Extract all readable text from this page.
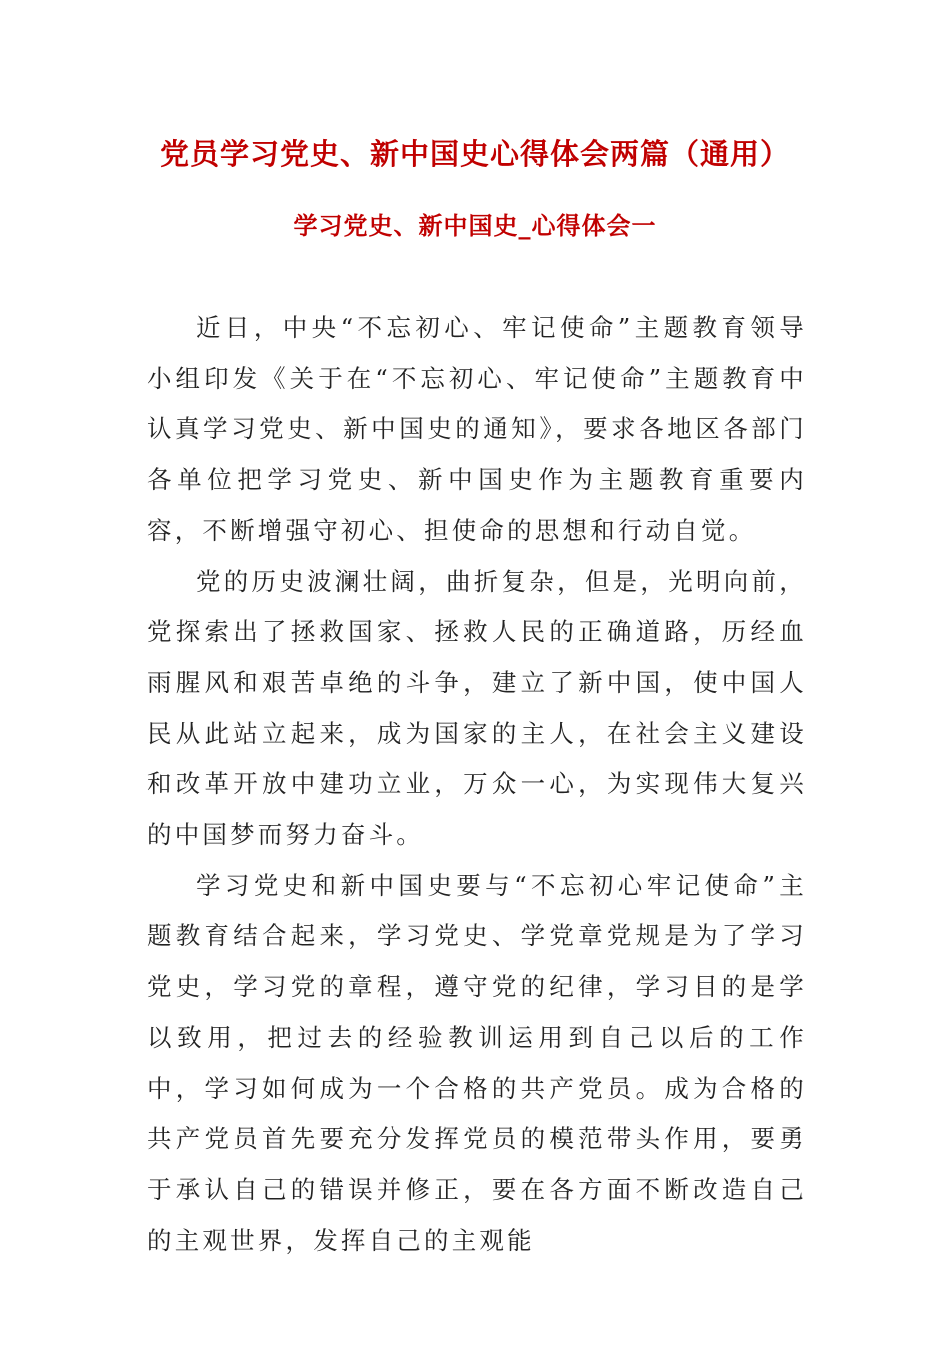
党员学习党史、新中国史心得体会两篇（通用）
学习党史、新中国史_心得体会一

近日，中央“不忘初心、牢记使命”主题教育领导小组印发《关于在“不忘初心、牢记使命”主题教育中认真学习党史、新中国史的通知》，要求各地区各部门各单位把学习党史、新中国史作为主题教育重要内容，不断增强守初心、担使命的思想和行动自觉。

党的历史波澜壮阔，曲折复杂，但是，光明向前，党探索出了拯救国家、拯救人民的正确道路，历经血雨腥风和艰苦卓绝的斗争，建立了新中国，使中国人民从此站立起来，成为国家的主人，在社会主义建设和改革开放中建功立业，万众一心，为实现伟大复兴的中国梦而努力奋斗。

学习党史和新中国史要与“不忘初心牢记使命”主题教育结合起来，学习党史、学党章党规是为了学习党史，学习党的章程，遵守党的纪律，学习目的是学以致用，把过去的经验教训运用到自己以后的工作中，学习如何成为一个合格的共产党员。成为合格的共产党员首先要充分发挥党员的模范带头作用，要勇于承认自己的错误并修正，要在各方面不断改造自己的主观世界，发挥自己的主观能
